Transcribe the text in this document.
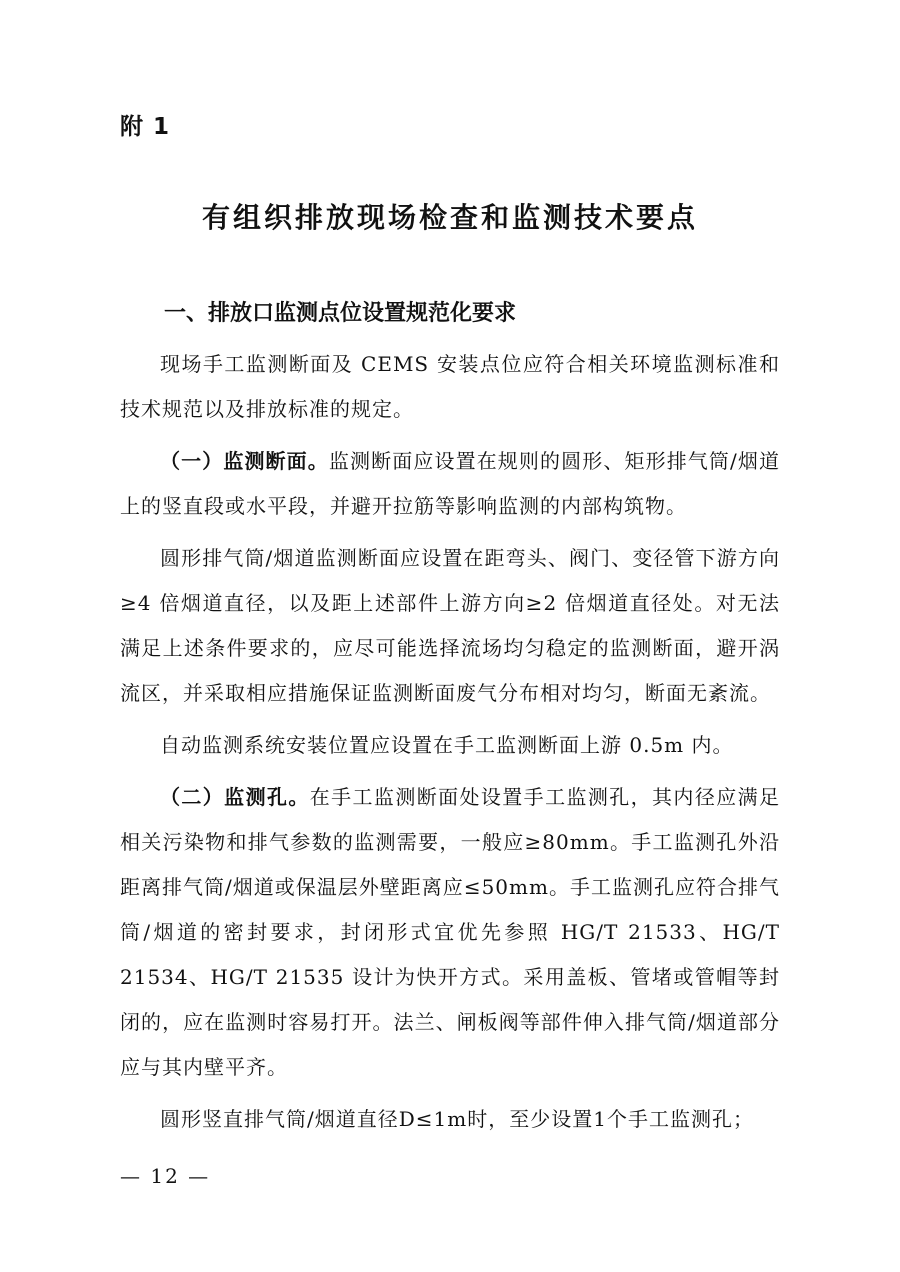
附 1
有组织排放现场检查和监测技术要点
一、排放口监测点位设置规范化要求

现场手工监测断面及 CEMS 安装点位应符合相关环境监测标准和技术规范以及排放标准的规定。

（一）监测断面。监测断面应设置在规则的圆形、矩形排气筒/烟道上的竖直段或水平段，并避开拉筋等影响监测的内部构筑物。

圆形排气筒/烟道监测断面应设置在距弯头、阀门、变径管下游方向≥4 倍烟道直径，以及距上述部件上游方向≥2 倍烟道直径处。对无法满足上述条件要求的，应尽可能选择流场均匀稳定的监测断面，避开涡流区，并采取相应措施保证监测断面废气分布相对均匀，断面无紊流。

自动监测系统安装位置应设置在手工监测断面上游 0.5m 内。

（二）监测孔。在手工监测断面处设置手工监测孔，其内径应满足相关污染物和排气参数的监测需要，一般应≥80mm。手工监测孔外沿距离排气筒/烟道或保温层外壁距离应≤50mm。手工监测孔应符合排气筒/烟道的密封要求，封闭形式宜优先参照 HG/T 21533、HG/T 21534、HG/T 21535 设计为快开方式。采用盖板、管堵或管帽等封闭的，应在监测时容易打开。法兰、闸板阀等部件伸入排气筒/烟道部分应与其内壁平齐。

圆形竖直排气筒/烟道直径D≤1m时，至少设置1个手工监测孔；

— 12 —
